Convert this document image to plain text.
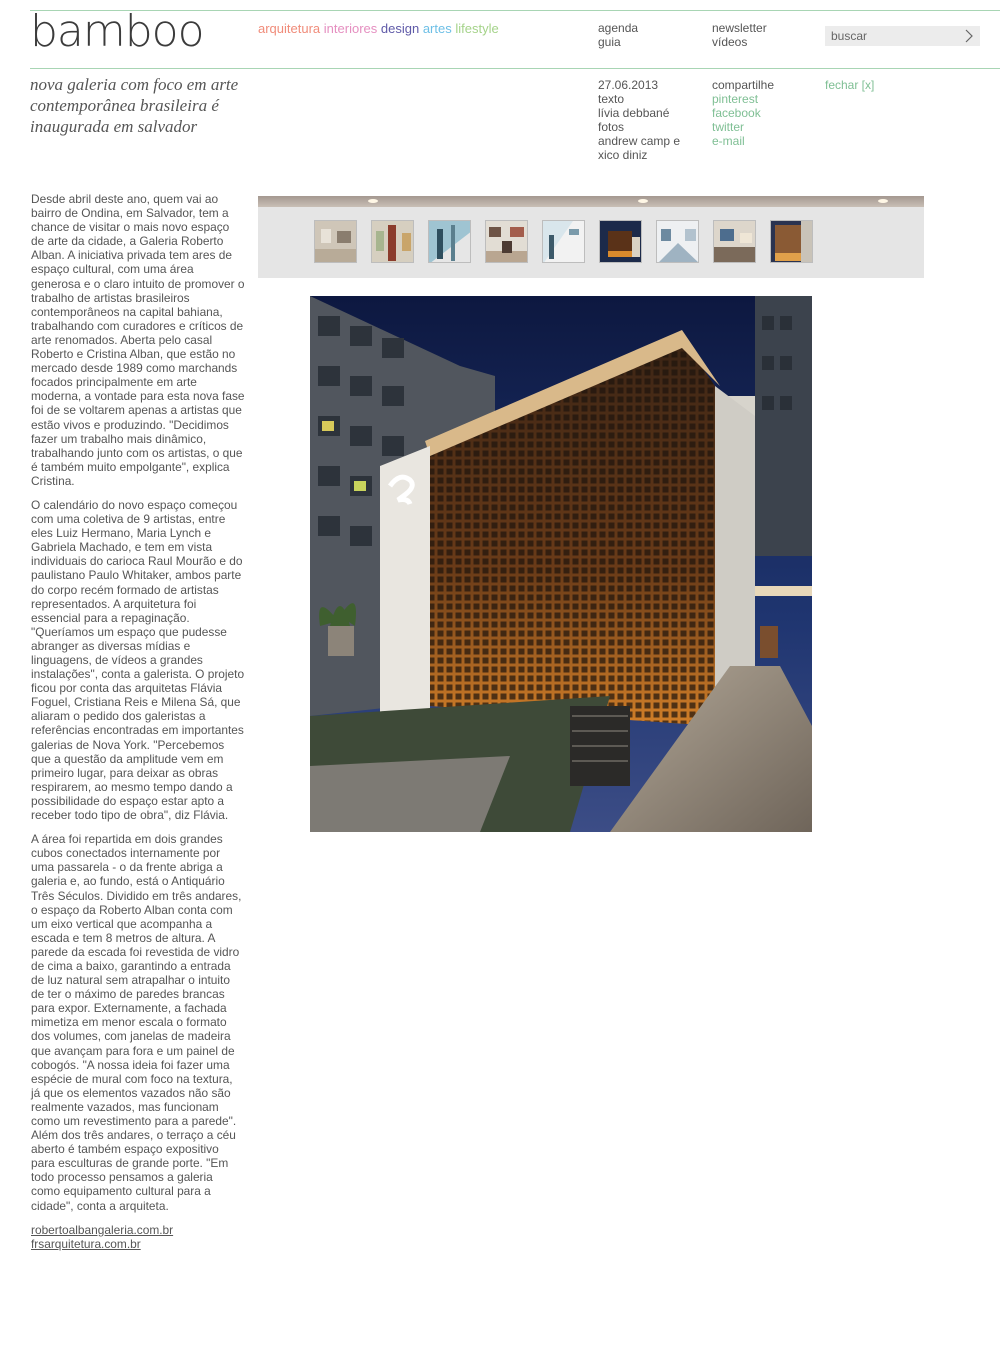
bamboo	arquitetura interiores design artes lifestyle	agenda
guia
newsletter
vídeos
buscar
nova galeria com foco em arte contemporânea brasileira é inaugurada em salvador
27.06.2013
texto
lívia debbané
fotos
andrew camp e xico diniz
compartilhe
pinterest
facebook
twitter
e-mail
fechar [x]

Desde abril deste ano, quem vai ao bairro de Ondina, em Salvador, tem a chance de visitar o mais novo espaço de arte da cidade, a Galeria Roberto Alban. A iniciativa privada tem ares de espaço cultural, com uma área generosa e o claro intuito de promover o trabalho de artistas brasileiros contemporâneos na capital bahiana, trabalhando com curadores e críticos de arte renomados. Aberta pelo casal Roberto e Cristina Alban, que estão no mercado desde 1989 como marchands focados principalmente em arte moderna, a vontade para esta nova fase foi de se voltarem apenas a artistas que estão vivos e produzindo. "Decidimos fazer um trabalho mais dinâmico, trabalhando junto com os artistas, o que é também muito empolgante", explica Cristina.

O calendário do novo espaço começou com uma coletiva de 9 artistas, entre eles Luiz Hermano, Maria Lynch e Gabriela Machado, e tem em vista individuais do carioca Raul Mourão e do paulistano Paulo Whitaker, ambos parte do corpo recém formado de artistas representados. A arquitetura foi essencial para a repaginação. "Queríamos um espaço que pudesse abranger as diversas mídias e linguagens, de vídeos a grandes instalações", conta a galerista. O projeto ficou por conta das arquitetas Flávia Foguel, Cristiana Reis e Milena Sá, que aliaram o pedido dos galeristas a referências encontradas em importantes galerias de Nova York. "Percebemos que a questão da amplitude vem em primeiro lugar, para deixar as obras respirarem, ao mesmo tempo dando a possibilidade do espaço estar apto a receber todo tipo de obra", diz Flávia.

A área foi repartida em dois grandes cubos conectados internamente por uma passarela - o da frente abriga a galeria e, ao fundo, está o Antiquário Três Séculos. Dividido em três andares, o espaço da Roberto Alban conta com um eixo vertical que acompanha a escada e tem 8 metros de altura. A parede da escada foi revestida de vidro de cima a baixo, garantindo a entrada de luz natural sem atrapalhar o intuito de ter o máximo de paredes brancas para expor. Externamente, a fachada mimetiza em menor escala o formato dos volumes, com janelas de madeira que avançam para fora e um painel de cobogós. "A nossa ideia foi fazer uma espécie de mural com foco na textura, já que os elementos vazados não são realmente vazados, mas funcionam como um revestimento para a parede". Além dos três andares, o terraço a céu aberto é também espaço expositivo para esculturas de grande porte. "Em todo processo pensamos a galeria como equipamento cultural para a cidade", conta a arquiteta.

robertoalbangaleria.com.br
frsarquitetura.com.br
